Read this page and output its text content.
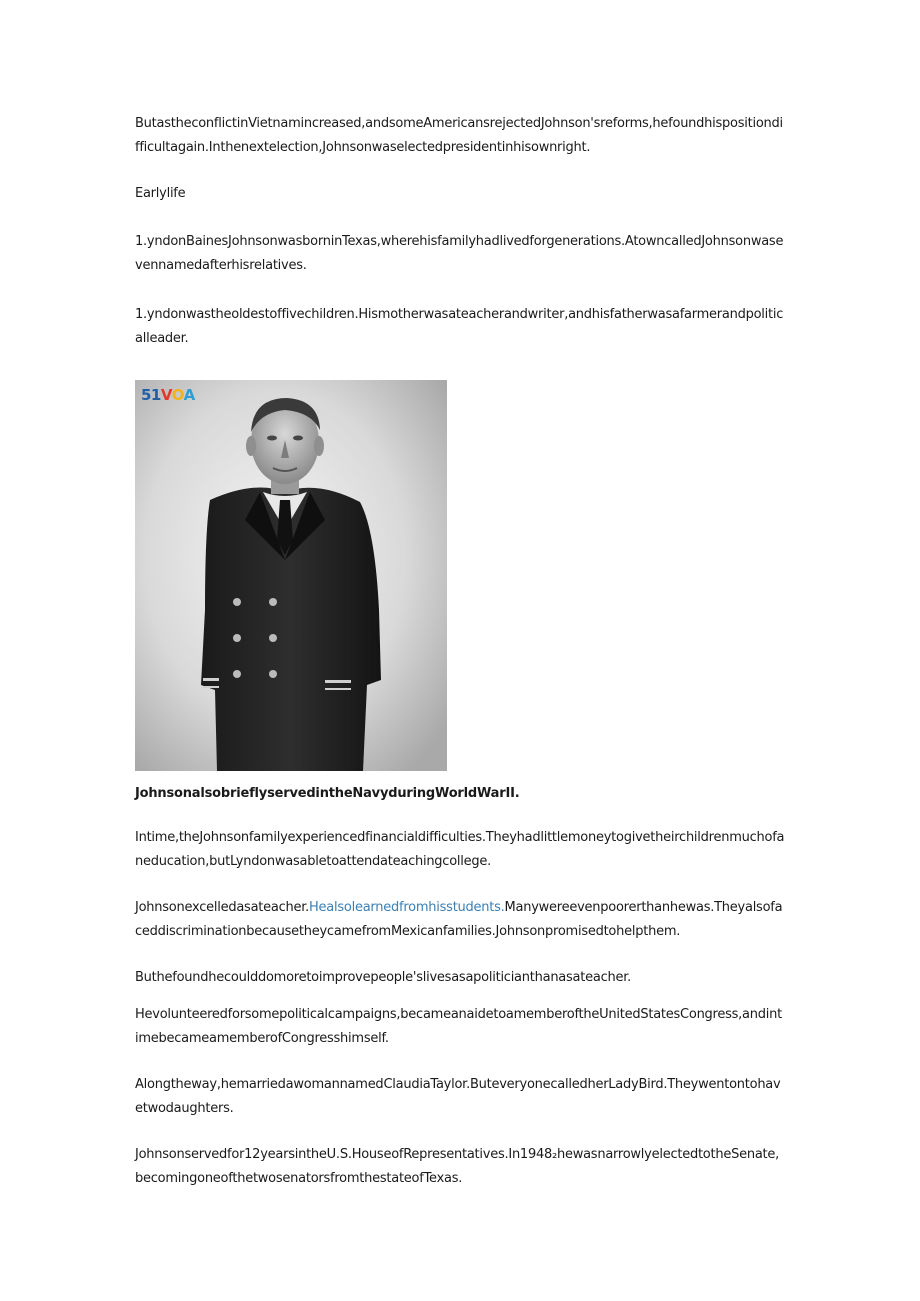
ButastheconflictinVietnamincreased,andsomeAmericansrejectedJohnson'sreforms,hefoundhispositiondifficultagain.Inthenextelection,Johnsonwaselectedpresidentinhisownright.

Earlylife

1.yndonBainesJohnsonwasborninTexas,wherehisfamilyhadlivedforgenerations.AtowncalledJohnsonwasevennamedafterhisrelatives.

1.yndonwastheoldestoffivechildren.Hismotherwasateacherandwriter,andhisfatherwasafarmerandpoliticalleader.

51VOA

JohnsonalsobrieflyservedintheNavyduringWorldWarII.

Intime,theJohnsonfamilyexperiencedfinancialdifficulties.Theyhadlittlemoneytogivetheirchildrenmuchofaneducation,butLyndonwasabletoattendateachingcollege.

Johnsonexcelledasateacher.Healsolearnedfromhisstudents.Manywereevenpoorerthanhewas.TheyalsofaceddiscriminationbecausetheycamefromMexicanfamilies.Johnsonpromisedtohelpthem.

Buthefoundhecoulddomoretoimprovepeople'slivesasapoliticianthanasateacher.

Hevolunteeredforsomepoliticalcampaigns,becameanaidetoamemberoftheUnitedStatesCongress,andintimebecameamemberofCongresshimself.

Alongtheway,hemarriedawomannamedClaudiaTaylor.ButeveryonecalledherLadyBird.Theywentontohavetwodaughters.

Johnsonservedfor12yearsintheU.S.HouseofRepresentatives.In1948₂hewasnarrowlyelectedtotheSenate,becomingoneofthetwosenatorsfromthestateofTexas.
